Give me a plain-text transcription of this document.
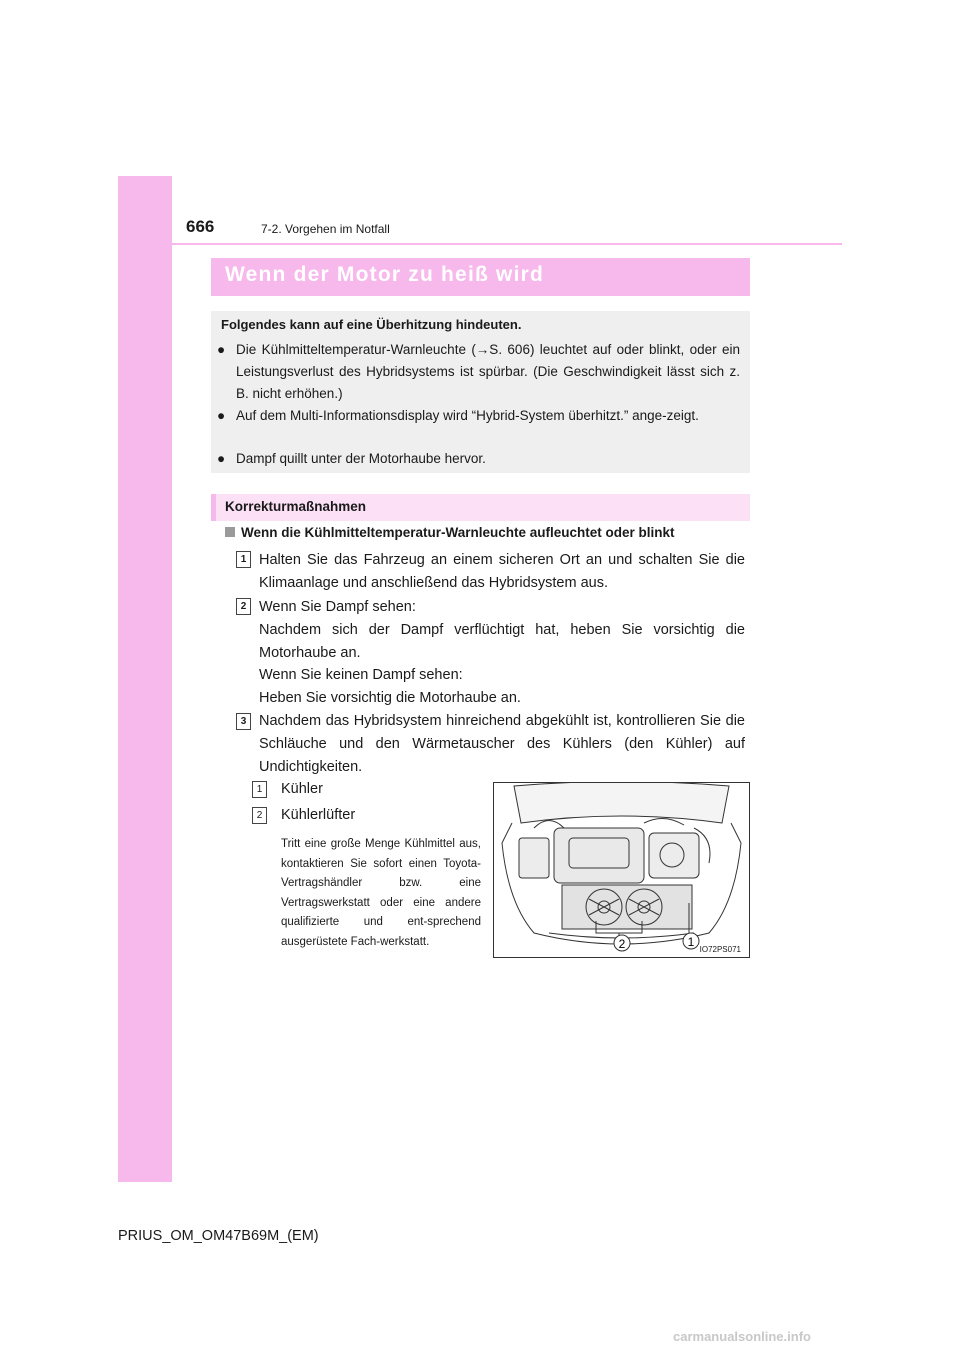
666	7-2. Vorgehen im Notfall
Wenn der Motor zu heiß wird
Folgendes kann auf eine Überhitzung hindeuten.
● Die Kühlmitteltemperatur-Warnleuchte (→S. 606) leuchtet auf oder blinkt, oder ein Leistungsverlust des Hybridsystems ist spürbar. (Die Geschwindigkeit lässt sich z. B. nicht erhöhen.)
● Auf dem Multi-Informationsdisplay wird “Hybrid-System überhitzt.” ange-zeigt.
● Dampf quillt unter der Motorhaube hervor.
Korrekturmaßnahmen
Wenn die Kühlmitteltemperatur-Warnleuchte aufleuchtet oder blinkt
1 Halten Sie das Fahrzeug an einem sicheren Ort an und schalten Sie die Klimaanlage und anschließend das Hybridsystem aus.
2 Wenn Sie Dampf sehen:
Nachdem sich der Dampf verflüchtigt hat, heben Sie vorsichtig die Motorhaube an.
Wenn Sie keinen Dampf sehen:
Heben Sie vorsichtig die Motorhaube an.
3 Nachdem das Hybridsystem hinreichend abgekühlt ist, kontrollieren Sie die Schläuche und den Wärmetauscher des Kühlers (den Kühler) auf Undichtigkeiten.
1	Kühler
2	Kühlerlüfter
Tritt eine große Menge Kühlmittel aus, kontaktieren Sie sofort einen Toyota-Vertragshändler bzw. eine Vertragswerkstatt oder eine andere qualifizierte und ent-sprechend ausgerüstete Fach-werkstatt.	2	1
IO72PS071
PRIUS_OM_OM47B69M_(EM)
carmanualsonline.info
